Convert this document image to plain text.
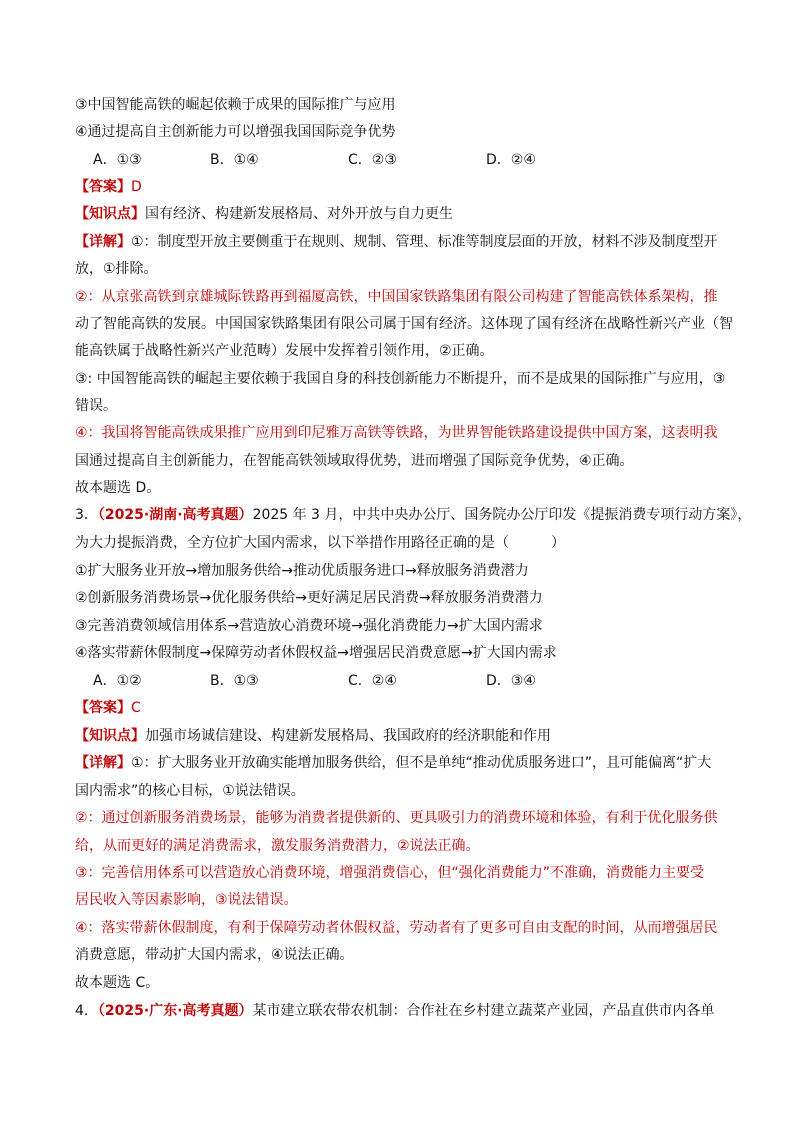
③中国智能高铁的崛起依赖于成果的国际推广与应用
④通过提高自主创新能力可以增强我国国际竞争优势
A．①③	B．①④	C．②③	D．②④
【答案】D
【知识点】国有经济、构建新发展格局、对外开放与自力更生
【详解】①：制度型开放主要侧重于在规则、规制、管理、标准等制度层面的开放，材料不涉及制度型开
放，①排除。
②：从京张高铁到京雄城际铁路再到福厦高铁，中国国家铁路集团有限公司构建了智能高铁体系架构，推
动了智能高铁的发展。中国国家铁路集团有限公司属于国有经济。这体现了国有经济在战略性新兴产业（智
能高铁属于战略性新兴产业范畴）发展中发挥着引领作用，②正确。
③: 中国智能高铁的崛起主要依赖于我国自身的科技创新能力不断提升，而不是成果的国际推广与应用，③
错误。
④：我国将智能高铁成果推广应用到印尼雅万高铁等铁路，为世界智能铁路建设提供中国方案，这表明我
国通过提高自主创新能力，在智能高铁领域取得优势，进而增强了国际竞争优势，④正确。
故本题选 D。
3．（2025·湖南·高考真题）2025 年 3 月，中共中央办公厅、国务院办公厅印发《提振消费专项行动方案》，
为大力提振消费，全方位扩大国内需求，以下举措作用路径正确的是（　　　）
①扩大服务业开放→增加服务供给→推动优质服务进口→释放服务消费潜力
②创新服务消费场景→优化服务供给→更好满足居民消费→释放服务消费潜力
③完善消费领域信用体系→营造放心消费环境→强化消费能力→扩大国内需求
④落实带薪休假制度→保障劳动者休假权益→增强居民消费意愿→扩大国内需求
A．①②	B．①③	C．②④	D．③④
【答案】C
【知识点】加强市场诚信建设、构建新发展格局、我国政府的经济职能和作用
【详解】①：扩大服务业开放确实能增加服务供给，但不是单纯“推动优质服务进口”，且可能偏离“扩大
国内需求”的核心目标，①说法错误。
②：通过创新服务消费场景，能够为消费者提供新的、更具吸引力的消费环境和体验，有利于优化服务供
给，从而更好的满足消费需求，激发服务消费潜力，②说法正确。
③：完善信用体系可以营造放心消费环境，增强消费信心，但“强化消费能力”不准确，消费能力主要受
居民收入等因素影响，③说法错误。
④：落实带薪休假制度，有利于保障劳动者休假权益，劳动者有了更多可自由支配的时间，从而增强居民
消费意愿，带动扩大国内需求，④说法正确。
故本题选 C。
4．（2025·广东·高考真题）某市建立联农带农机制：合作社在乡村建立蔬菜产业园，产品直供市内各单
